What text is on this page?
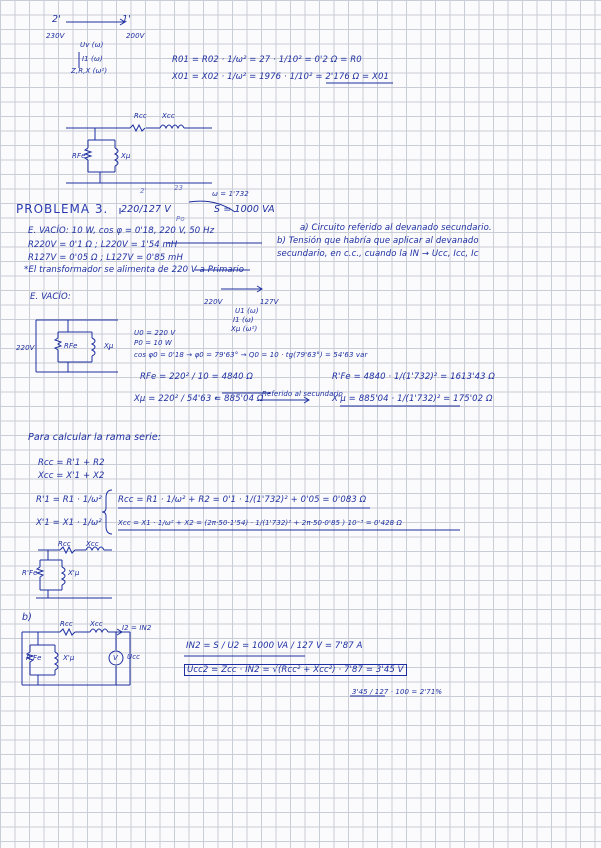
2'	1'
230V	200V
Uv (ω)
I1 (ω)
Z,R,X (ω²)
R01 = R02 · 1/ω² = 27 · 1/10² = 0'2 Ω = R0
X01 = X02 · 1/ω² = 1976 · 1/10² = 2'176 Ω = X01
Rcc Xcc
RFe	Xμ
PROBLEMA 3. 220/127 V	S = 1000 VA
2'	23
ω = 1'732
Po
a) Circuito referido al devanado secundario.
b) Tensión que habría que aplicar al devanado
secundario, en c.c., cuando la IN → Ucc, Icc, Ic
E. VACÍO: 10 W, cos φ = 0'18, 220 V, 50 Hz
R220V = 0'1 Ω ; L220V = 1'54 mH
R127V = 0'05 Ω ; L127V = 0'85 mH
*El transformador se alimenta de 220 V a Primario
E. VACÍO:	220V	127V
U1 (ω)
I1 (ω)
Xμ (ω²)
220V	RFe	Xμ
U0 = 220 V
P0 = 10 W
cos φ0 = 0'18 → φ0 = 79'63° → Q0 = 10 · tg(79'63°) = 54'63 var
RFe = 220² / 10 = 4840 Ω	R'Fe = 4840 · 1/(1'732)² = 1613'43 Ω
Xμ = 220² / 54'63 = 885'04 Ω
Referido al secundario
X'μ = 885'04 · 1/(1'732)² = 175'02 Ω
Para calcular la rama serie:
Rcc = R'1 + R2
Xcc = X'1 + X2
R'1 = R1 · 1/ω² Rcc = R1 · 1/ω² + R2 = 0'1 · 1/(1'732)² + 0'05 = 0'083 Ω
X'1 = X1 · 1/ω² Xcc = X1 · 1/ω² + X2 = (2π·50·1'54) · 1/(1'732)² + 2π·50·0'85 ) 10⁻³ = 0'428 Ω
Rcc Xcc
R'Fe	X'μ
b)
Rcc Xcc	I2 = IN2
R'Fe	X'μ	V Ucc
IN2 = S / U2 = 1000 VA / 127 V = 7'87 A
Ucc2 = Zcc · IN2 = √(Rcc² + Xcc²) · 7'87 = 3'45 V
3'45 / 127 · 100 = 2'71%
